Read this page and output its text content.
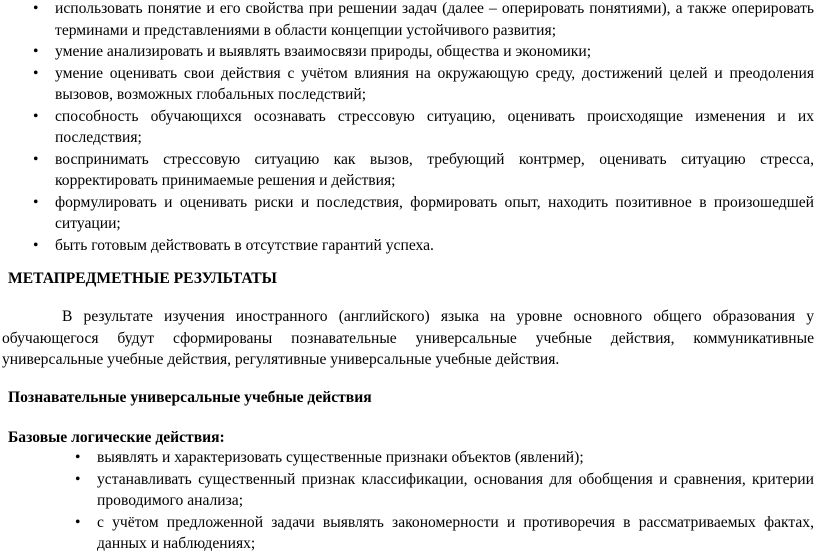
• использовать понятие и его свойства при решении задач (далее – оперировать понятиями), а также оперировать терминами и представлениями в области концепции устойчивого развития;
• умение анализировать и выявлять взаимосвязи природы, общества и экономики;
• умение оценивать свои действия с учётом влияния на окружающую среду, достижений целей и преодоления вызовов, возможных глобальных последствий;
• способность обучающихся осознавать стрессовую ситуацию, оценивать происходящие изменения и их последствия;
• воспринимать стрессовую ситуацию как вызов, требующий контрмер, оценивать ситуацию стресса, корректировать принимаемые решения и действия;
• формулировать и оценивать риски и последствия, формировать опыт, находить позитивное в произошедшей ситуации;
• быть готовым действовать в отсутствие гарантий успеха.
МЕТАПРЕДМЕТНЫЕ РЕЗУЛЬТАТЫ
В результате изучения иностранного (английского) языка на уровне основного общего образования у обучающегося будут сформированы познавательные универсальные учебные действия, коммуникативные универсальные учебные действия, регулятивные универсальные учебные действия.
Познавательные универсальные учебные действия
Базовые логические действия:
• выявлять и характеризовать существенные признаки объектов (явлений);
• устанавливать существенный признак классификации, основания для обобщения и сравнения, критерии проводимого анализа;
• с учётом предложенной задачи выявлять закономерности и противоречия в рассматриваемых фактах, данных и наблюдениях;
